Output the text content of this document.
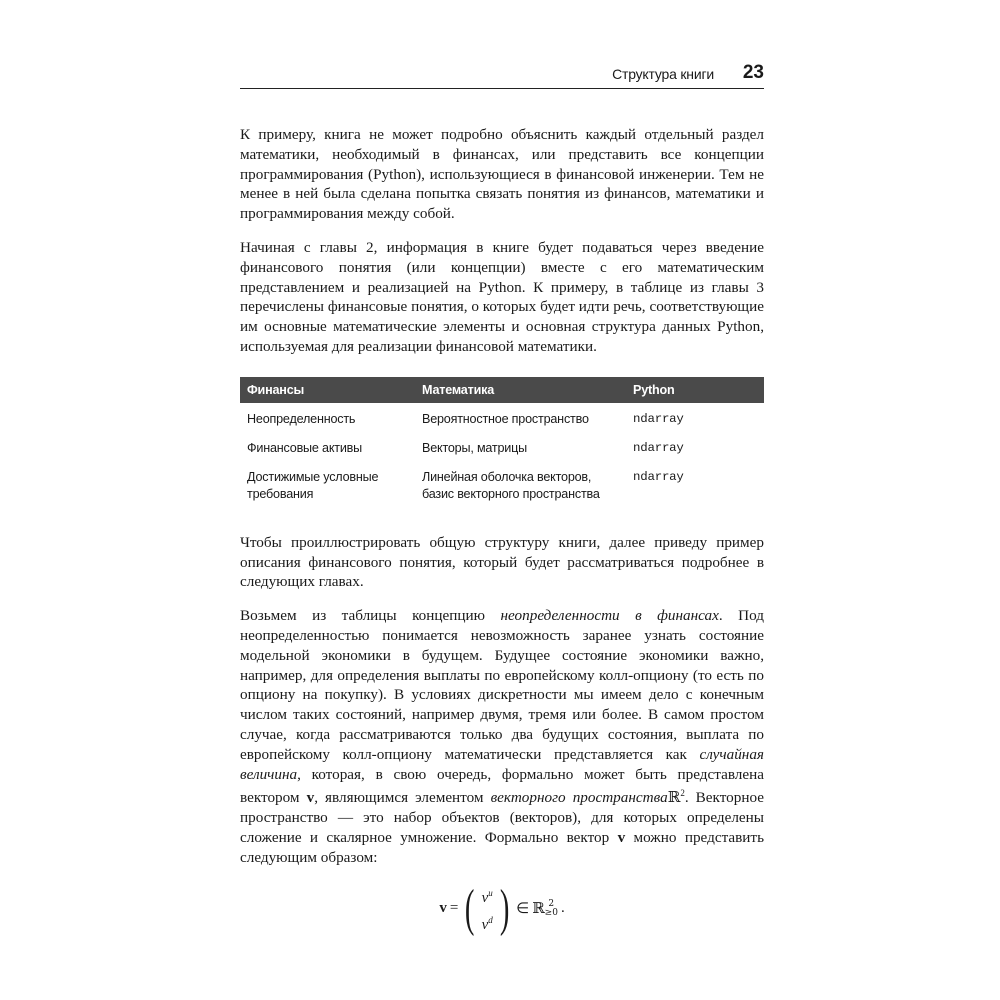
Структура книги 23

К примеру, книга не может подробно объяснить каждый отдельный раздел математики, необходимый в финансах, или представить все концепции программирования (Python), использующиеся в финансовой инженерии. Тем не менее в ней была сделана попытка связать понятия из финансов, математики и программирования между собой.

Начиная с главы 2, информация в книге будет подаваться через введение финансового понятия (или концепции) вместе с его математическим представлением и реализацией на Python. К примеру, в таблице из главы 3 перечислены финансовые понятия, о которых будет идти речь, соответствующие им основные математические элементы и основная структура данных Python, используемая для реализации финансовой математики.

Финансы	Математика	Python
Неопределенность	Вероятностное пространство	ndarray
Финансовые активы	Векторы, матрицы	ndarray
Достижимые условные требования	Линейная оболочка векторов, базис векторного пространства	ndarray

Чтобы проиллюстрировать общую структуру книги, далее приведу пример описания финансового понятия, который будет рассматриваться подробнее в следующих главах.

Возьмем из таблицы концепцию неопределенности в финансах. Под неопределенностью понимается невозможность заранее узнать состояние модельной экономики в будущем. Будущее состояние экономики важно, например, для определения выплаты по европейскому колл-опциону (то есть по опциону на покупку). В условиях дискретности мы имеем дело с конечным числом таких состояний, например двумя, тремя или более. В самом простом случае, когда рассматриваются только два будущих состояния, выплата по европейскому колл-опциону математически представляется как случайная величина, которая, в свою очередь, формально может быть представлена вектором v, являющимся элементом векторного пространстваℝ$^2$. Векторное пространство — это набор объектов (векторов), для которых определены сложение и скалярное умножение. Формально вектор v можно представить следующим образом:

v = ( $v^u$
$v^d$ ) ∈ ℝ 2
≥0 .
